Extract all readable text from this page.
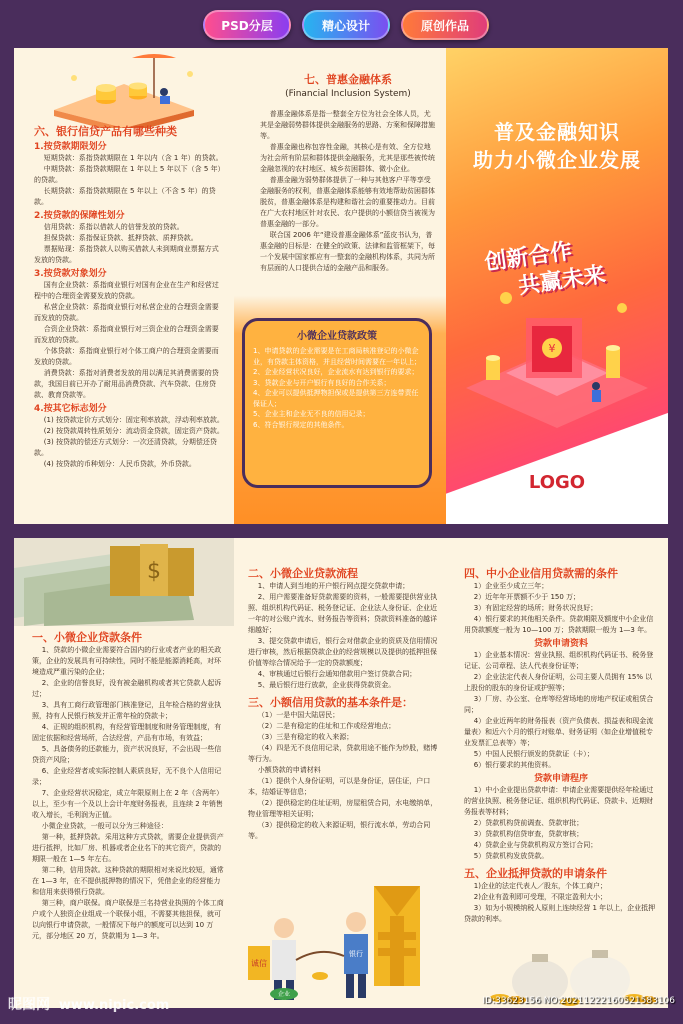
PSD分层	精心设计	原创作品
六、银行信贷产品有哪些种类
1.按贷款期限划分

短期贷款：系指贷款期限在 1 年以内（含 1 年）的贷款。

中期贷款：系指贷款期限在 1 年以上 5 年以下（含 5 年）的贷款。

长期贷款：系指贷款期限在 5 年以上（不含 5 年）的贷款。

2.按贷款的保障性划分

信用贷款：系指以借款人的信誉发放的贷款。

担保贷款：系指保证贷款、抵押贷款、质押贷款。

票据贴现：系指贷款人以购买借款人未到期商业票据方式发放的贷款。

3.按贷款对象划分

国有企业贷款：系指商业银行对国有企业在生产和经营过程中的合理资金需要发放的贷款。

私营企业贷款：系指商业银行对私营企业的合理资金需要而发放的贷款。

合资企业贷款：系指商业银行对三资企业的合理资金需要而发放的贷款。

个体贷款：系指商业银行对个体工商户的合理资金需要而发放的贷款。

消费贷款：系指对消费者发放的用以满足其消费需要的贷款，我国目前已开办了耐用品消费贷款、汽车贷款、住房贷款、教育贷款等。

4.按其它标志划分

(1) 按贷款定价方式划分：固定利率放款，浮动利率放款。

(2) 按贷款周转性质划分：流动资金贷款，固定资产贷款。

(3) 按贷款的偿还方式划分：一次还清贷款，分期偿还贷款。

(4) 按贷款的币种划分：人民币贷款，外币贷款。

七、普惠金融体系
(Financial Inclusion System)

普惠金融体系是指一整套全方位为社会全体人员，尤其是金融弱势群体提供金融服务的思路、方案和保障措施等。

普惠金融也称包容性金融，其核心是有效、全方位地为社会所有阶层和群体提供金融服务，尤其是那些被传统金融忽视的农村地区、城乡贫困群体、微小企业。

普惠金融为弱势群体提供了一种与其他客户平等享受金融服务的权利，普惠金融体系能够有效地帮助贫困群体脱贫，普惠金融体系是构建和谐社会的重要推动力。目前在广大农村地区针对农民、农户提供的小额信贷当被视为普惠金融的一部分。

联合国 2006 年“建设普惠金融体系”蓝皮书认为，普惠金融的目标是：在健全的政策、法律和监管框架下，每一个发展中国家都应有一整套的金融机构体系，共同为所有层面的人口提供合适的金融产品和服务。

小微企业贷款政策

1、申请贷款的企业需要是在工商局核准登记的小微企业，有贷款主体资格，并且经营时间需要在一年以上；

2、企业经营状况良好，企业流水有达到银行的要求；

3、贷款企业与开户银行有良好的合作关系；

4、企业可以提供抵押物担保或是提供第三方连带责任保证人；

5、企业主和企业无不良的信用记录；

6、符合银行规定的其他条件。

普及金融知识
助力小微企业发展
创新合作
共赢未来
¥
LOGO
$
一、小微企业贷款条件

1、贷款的小微企业需要符合国内的行业或者产业的相关政策，企业的发展具有可持续性，同时不能是能源消耗高，对环境造成严重污染的企业；

2、企业的信誉良好，没有被金融机构或者其它贷款人起诉过；

3、具有工商行政管理部门核准登记，且年检合格的营业执照，持有人民银行核发并正常年检的贷款卡；

4、正规的组织机构，有经营管理制度和财务管理制度，有固定依据和经营场所，合法经营，产品有市场，有效益；

5、具备债务的还款能力，资产状况良好，不会出现一些信贷资产风险；

6、企业经营者或实际控制人素质良好，无不良个人信用记录；

7、企业经营状况稳定，成立年限原则上在 2 年（含两年）以上，至少有一个及以上会计年度财务报表，且连续 2 年销售收入增长，毛利润为正值。

小微企业贷款，一般可以分为三种途径：

第一种，抵押贷款。采用这种方式贷款，需要企业提供资产进行抵押，比如厂房、机器或者企业名下的其它资产，贷款的期限一般在 1—5 年左右。

第二种，信用贷款。这种贷款的期限相对来说比较短，通常在 1—3 年，在不提供抵押物的情况下，凭借企业的经营能力和信用来获得银行贷款。

第三种，商户联保。商户联保是三名持营业执照的个体工商户或个人独资企业组成一个联保小组，不需要其他担保，就可以向银行申请贷款，一般情况下每户的额度可以达到 10 万元，部分地区 20 万，贷款期为 1—3 年。

二、小微企业贷款流程

1、申请人到当地的开户银行网点提交贷款申请；

2、用户需要准备好贷款需要的资料，一般需要提供营业执照、组织机构代码证、税务登记证、企业法人身份证、企业近一年的对公账户流水、财务报告等资料；贷款资料准备的越详细越好；

3、提交贷款申请后，银行会对借款企业的资质及信用情况进行审核，然后根据贷款企业的经营规模以及提供的抵押担保价值等综合情况给予一定的贷款额度；

4、审核通过后银行会通知借款用户签订贷款合同；

5、最后银行进行放款，企业获得贷款资金。

三、小额信用贷款的基本条件是：

（1）一是中国大陆居民；

（2）二是有稳定的住址和工作或经营地点；

（3）三是有稳定的收入来源；

（4）四是无不良信用记录，贷款用途不能作为炒股，赌博等行为。

小额贷款的申请材料

（1）提供个人身份证明，可以是身份证，居住证，户口本，结婚证等信息；

（2）提供稳定的住址证明，房屋租赁合同，水电缴纳单，物业管理等相关证明；

（3）提供稳定的收入来源证明，银行流水单，劳动合同等。

诚信
银行
企业
四、中小企业信用贷款需的条件

1）企业至少成立三年；

2）近年年开票额不少于 150 万；

3）有固定经营的场所；财务状况良好；

4）银行要求的其他相关条件。贷款期限及额度中小企业信用贷款额度一般为 10—100 万；贷款期限一般为 1—3 年。

贷款申请资料

1）企业基本情况：营业执照、组织机构代码证书、税务登记证、公司章程、法人代表身份证等；

2）企业法定代表人身份证明，公司主要人员拥有 15% 以上股份的股东的身份证或护照等；

3）厂房、办公室、仓库等经营场地的房地产权证或租赁合同；

4）企业近两年的财务报表（资产负债表、损益表和现金流量表）和近六个月的银行对账单、财务证明（如企业增值税专业发票汇总表等）等；

5）中国人民银行颁发的贷款证（卡）；

6）银行要求的其他资料。

贷款申请程序

1）中小企业提出贷款申请：申请企业需要提供经年检通过的营业执照、税务登记证、组织机构代码证、贷款卡、近期财务报表等材料；

2）贷款机构贷前调查、贷款审批；

3）贷款机构信贷审查，贷款审核；

4）贷款企业与贷款机构双方签订合同；

5）贷款机构发放贷款。

五、企业抵押贷款的申请条件

1)企业的法定代表人／股东，个体工商户；

2)企业有盈利即可受理，不限定盈利大小；

3）如为小规模纳税人原则上连续经营 1 年以上，企业抵押贷款的利率。

昵图网 www.nipic.com	ID:33623156 NO:20211222160521583106
